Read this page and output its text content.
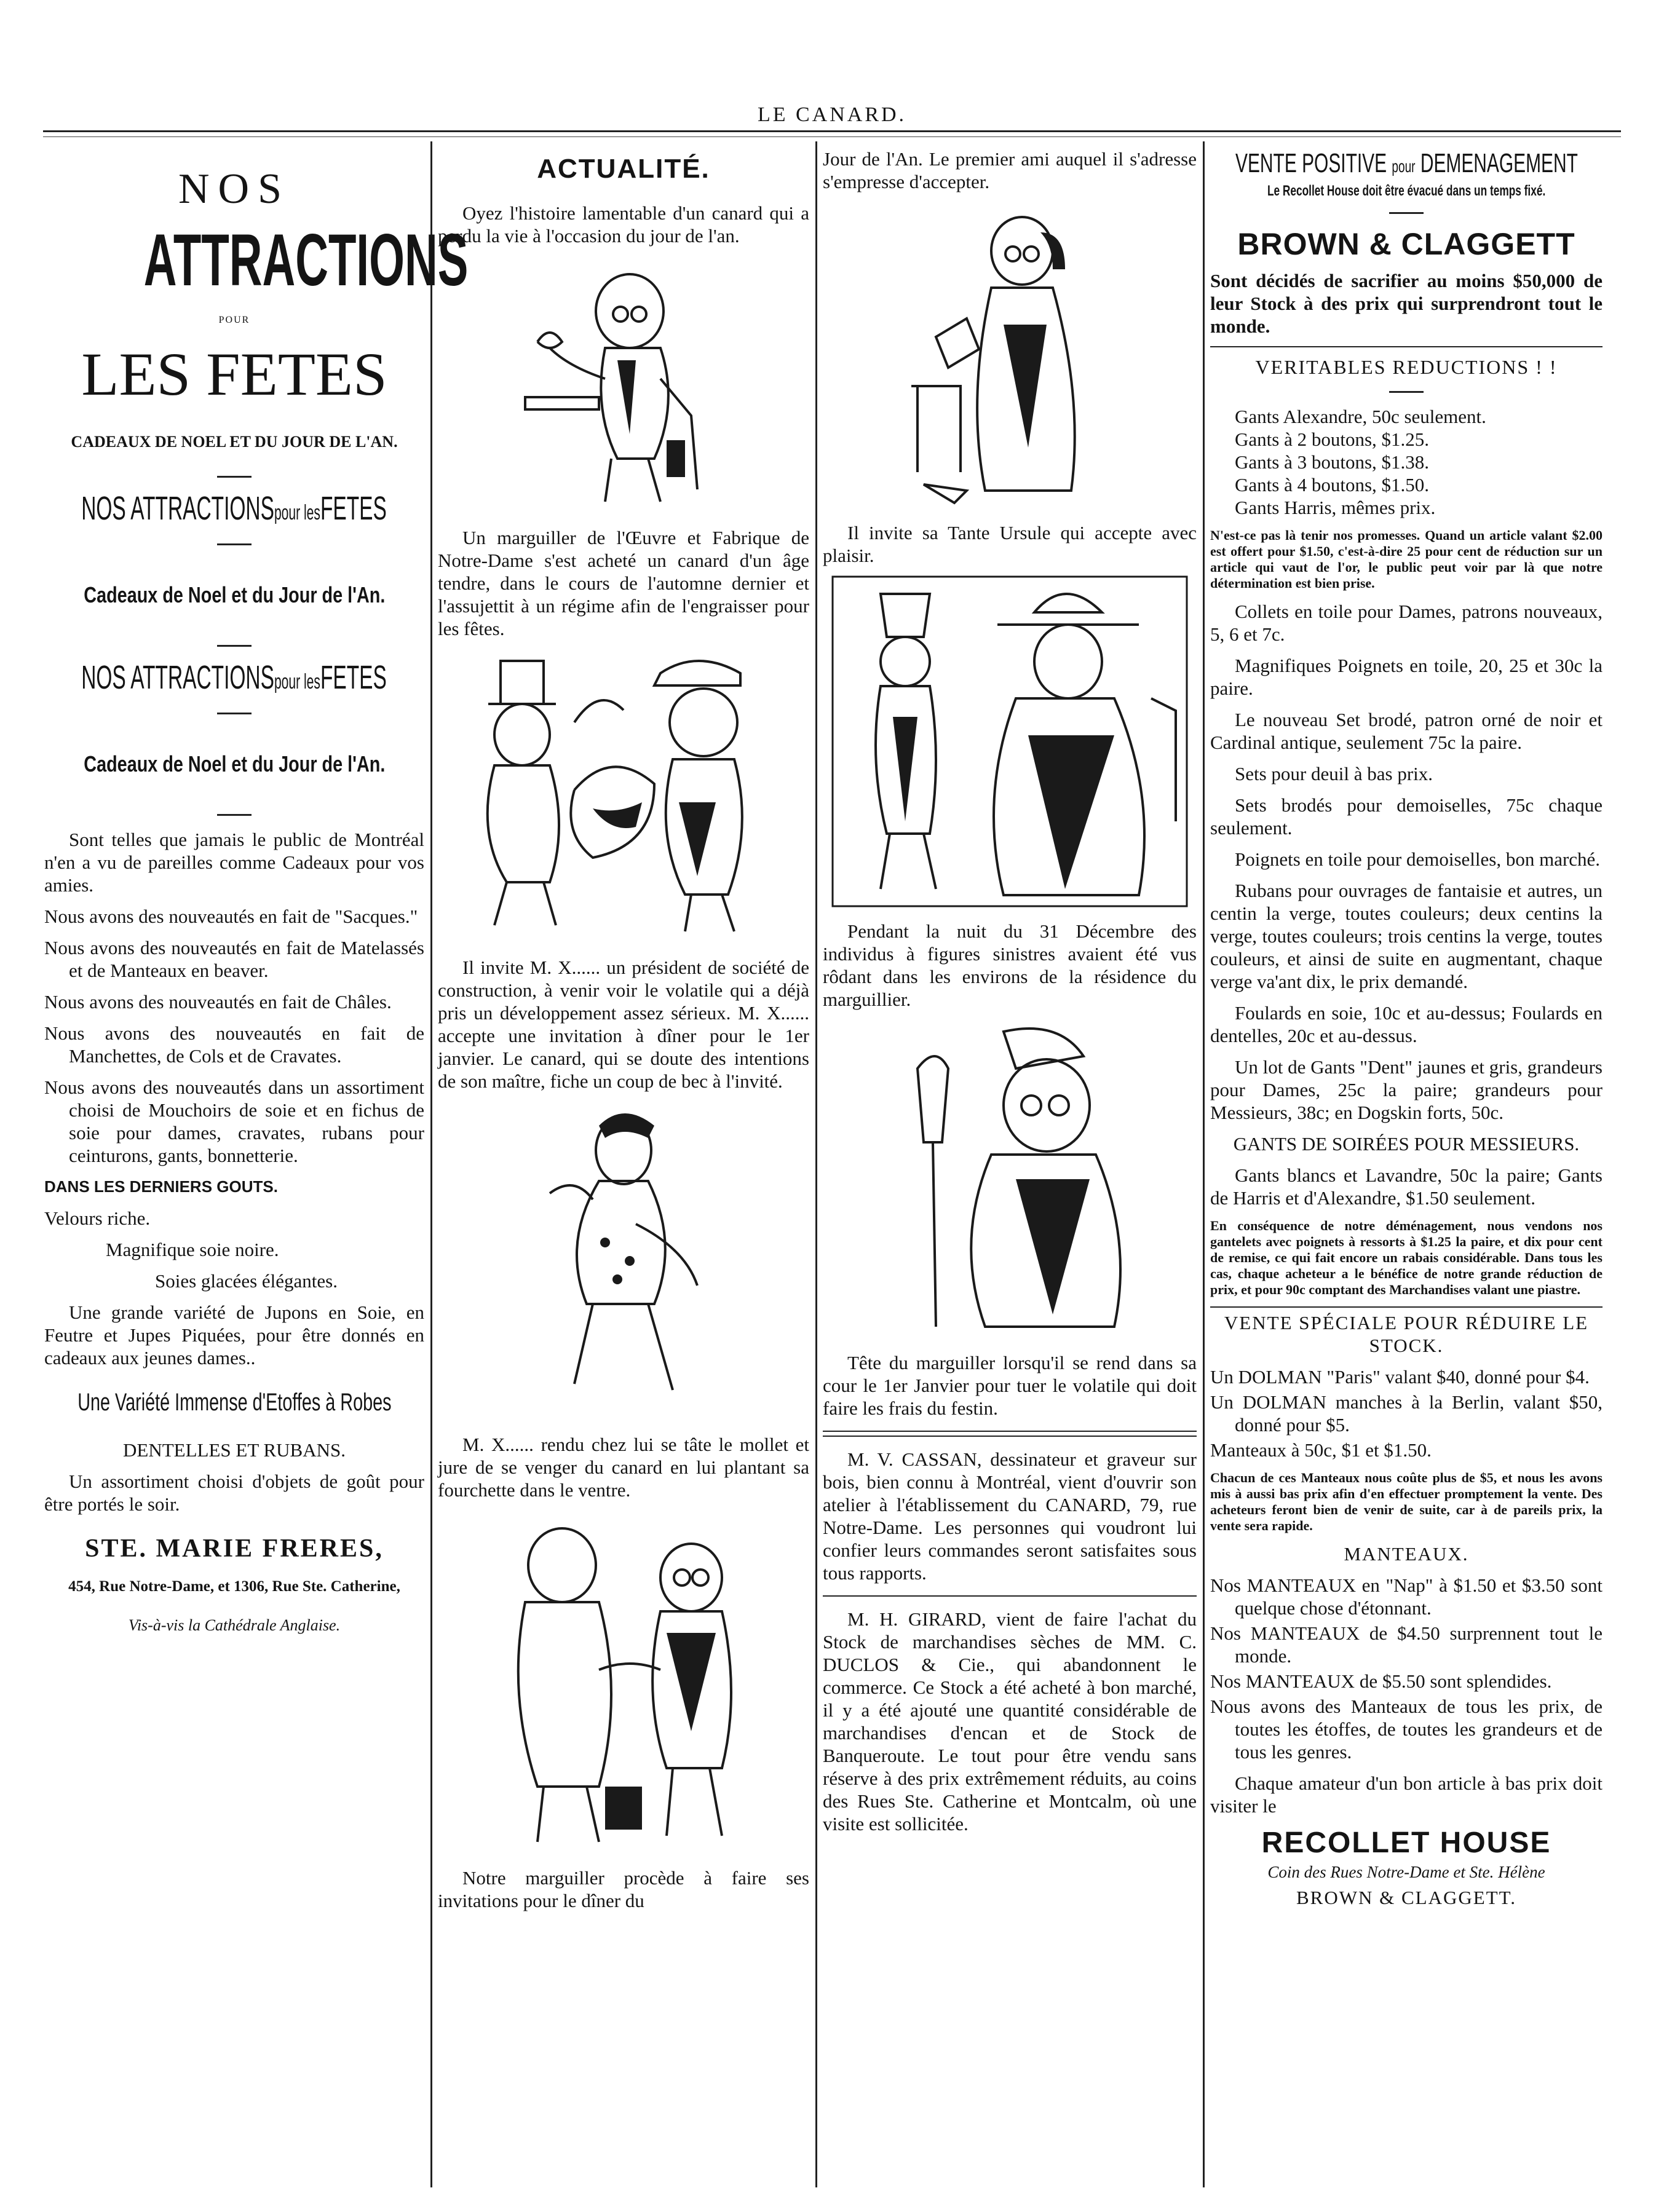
LE CANARD.
NOS
ATTRACTIONS
POUR
LES FETES
CADEAUX DE NOEL ET DU JOUR DE L'AN.
NOS ATTRACTIONSpour lesFETES
Cadeaux de Noel et du Jour de l'An.
NOS ATTRACTIONSpour lesFETES
Cadeaux de Noel et du Jour de l'An.

Sont telles que jamais le public de Montréal n'en a vu de pareilles comme Cadeaux pour vos amies.

Nous avons des nouveautés en fait de "Sacques."

Nous avons des nouveautés en fait de Matelassés et de Manteaux en beaver.

Nous avons des nouveautés en fait de Châles.

Nous avons des nouveautés en fait de Manchettes, de Cols et de Cravates.

Nous avons des nouveautés dans un assortiment choisi de Mouchoirs de soie et en fichus de soie pour dames, cravates, rubans pour ceinturons, gants, bonnetterie.

DANS LES DERNIERS GOUTS.

Velours riche.

Magnifique soie noire.

Soies glacées élégantes.

Une grande variété de Jupons en Soie, en Feutre et Jupes Piquées, pour être donnés en cadeaux aux jeunes dames..

Une Variété Immense d'Etoffes à Robes

DENTELLES ET RUBANS.

Un assortiment choisi d'objets de goût pour être portés le soir.

STE. MARIE FRERES,
454, Rue Notre-Dame, et 1306, Rue Ste. Catherine,

Vis-à-vis la Cathédrale Anglaise.

ACTUALITÉ.

Oyez l'histoire lamentable d'un canard qui a perdu la vie à l'occasion du jour de l'an.

Un marguiller de l'Œuvre et Fabrique de Notre-Dame s'est acheté un canard d'un âge tendre, dans le cours de l'automne dernier et l'assujettit à un régime afin de l'engraisser pour les fêtes.

Il invite M. X...... un président de société de construction, à venir voir le volatile qui a déjà pris un développement assez sérieux. M. X...... accepte une invitation à dîner pour le 1er janvier. Le canard, qui se doute des intentions de son maître, fiche un coup de bec à l'invité.

M. X...... rendu chez lui se tâte le mollet et jure de se venger du canard en lui plantant sa fourchette dans le ventre.

Notre marguiller procède à faire ses invitations pour le dîner du

Jour de l'An. Le premier ami auquel il s'adresse s'empresse d'accepter.

Il invite sa Tante Ursule qui accepte avec plaisir.

Pendant la nuit du 31 Décembre des individus à figures sinistres avaient été vus rôdant dans les environs de la résidence du marguillier.

Tête du marguiller lorsqu'il se rend dans sa cour le 1er Janvier pour tuer le volatile qui doit faire les frais du festin.

M. V. CASSAN, dessinateur et graveur sur bois, bien connu à Montréal, vient d'ouvrir son atelier à l'établissement du CANARD, 79, rue Notre-Dame. Les personnes qui voudront lui confier leurs commandes seront satisfaites sous tous rapports.

M. H. GIRARD, vient de faire l'achat du Stock de marchandises sèches de MM. C. DUCLOS & Cie., qui abandonnent le commerce. Ce Stock a été acheté à bon marché, il y a été ajouté une quantité considérable de marchandises d'encan et de Stock de Banqueroute. Le tout pour être vendu sans réserve à des prix extrêmement réduits, au coins des Rues Ste. Catherine et Montcalm, où une visite est sollicitée.

VENTE POSITIVE pour DEMENAGEMENT
Le Recollet House doit être évacué dans un temps fixé.
BROWN & CLAGGETT

Sont décidés de sacrifier au moins $50,000 de leur Stock à des prix qui surprendront tout le monde.

VERITABLES REDUCTIONS ! !

Gants Alexandre, 50c seulement.

Gants à 2 boutons, $1.25.

Gants à 3 boutons, $1.38.

Gants à 4 boutons, $1.50.

Gants Harris, mêmes prix.

N'est-ce pas là tenir nos promesses. Quand un article valant $2.00 est offert pour $1.50, c'est-à-dire 25 pour cent de réduction sur un article qui vaut de l'or, le public peut voir par là que notre détermination est bien prise.

Collets en toile pour Dames, patrons nouveaux, 5, 6 et 7c.

Magnifiques Poignets en toile, 20, 25 et 30c la paire.

Le nouveau Set brodé, patron orné de noir et Cardinal antique, seulement 75c la paire.

Sets pour deuil à bas prix.

Sets brodés pour demoiselles, 75c chaque seulement.

Poignets en toile pour demoiselles, bon marché.

Rubans pour ouvrages de fantaisie et autres, un centin la verge, toutes couleurs; deux centins la verge, toutes couleurs; trois centins la verge, toutes couleurs, et ainsi de suite en augmentant, chaque verge va'ant dix, le prix demandé.

Foulards en soie, 10c et au-dessus; Foulards en dentelles, 20c et au-dessus.

Un lot de Gants "Dent" jaunes et gris, grandeurs pour Dames, 25c la paire; grandeurs pour Messieurs, 38c; en Dogskin forts, 50c.

GANTS DE SOIRÉES POUR MESSIEURS.

Gants blancs et Lavandre, 50c la paire; Gants de Harris et d'Alexandre, $1.50 seulement.

En conséquence de notre déménagement, nous vendons nos gantelets avec poignets à ressorts à $1.25 la paire, et dix pour cent de remise, ce qui fait encore un rabais considérable. Dans tous les cas, chaque acheteur a le bénéfice de notre grande réduction de prix, et pour 90c comptant des Marchandises valant une piastre.

VENTE SPÉCIALE POUR RÉDUIRE LE STOCK.

Un DOLMAN "Paris" valant $40, donné pour $4.

Un DOLMAN manches à la Berlin, valant $50, donné pour $5.

Manteaux à 50c, $1 et $1.50.

Chacun de ces Manteaux nous coûte plus de $5, et nous les avons mis à aussi bas prix afin d'en effectuer promptement la vente. Des acheteurs feront bien de venir de suite, car à de pareils prix, la vente sera rapide.

MANTEAUX.

Nos MANTEAUX en "Nap" à $1.50 et $3.50 sont quelque chose d'étonnant.

Nos MANTEAUX de $4.50 surprennent tout le monde.

Nos MANTEAUX de $5.50 sont splendides.

Nous avons des Manteaux de tous les prix, de toutes les étoffes, de toutes les grandeurs et de tous les genres.

Chaque amateur d'un bon article à bas prix doit visiter le

RECOLLET HOUSE

Coin des Rues Notre-Dame et Ste. Hélène

BROWN & CLAGGETT.
